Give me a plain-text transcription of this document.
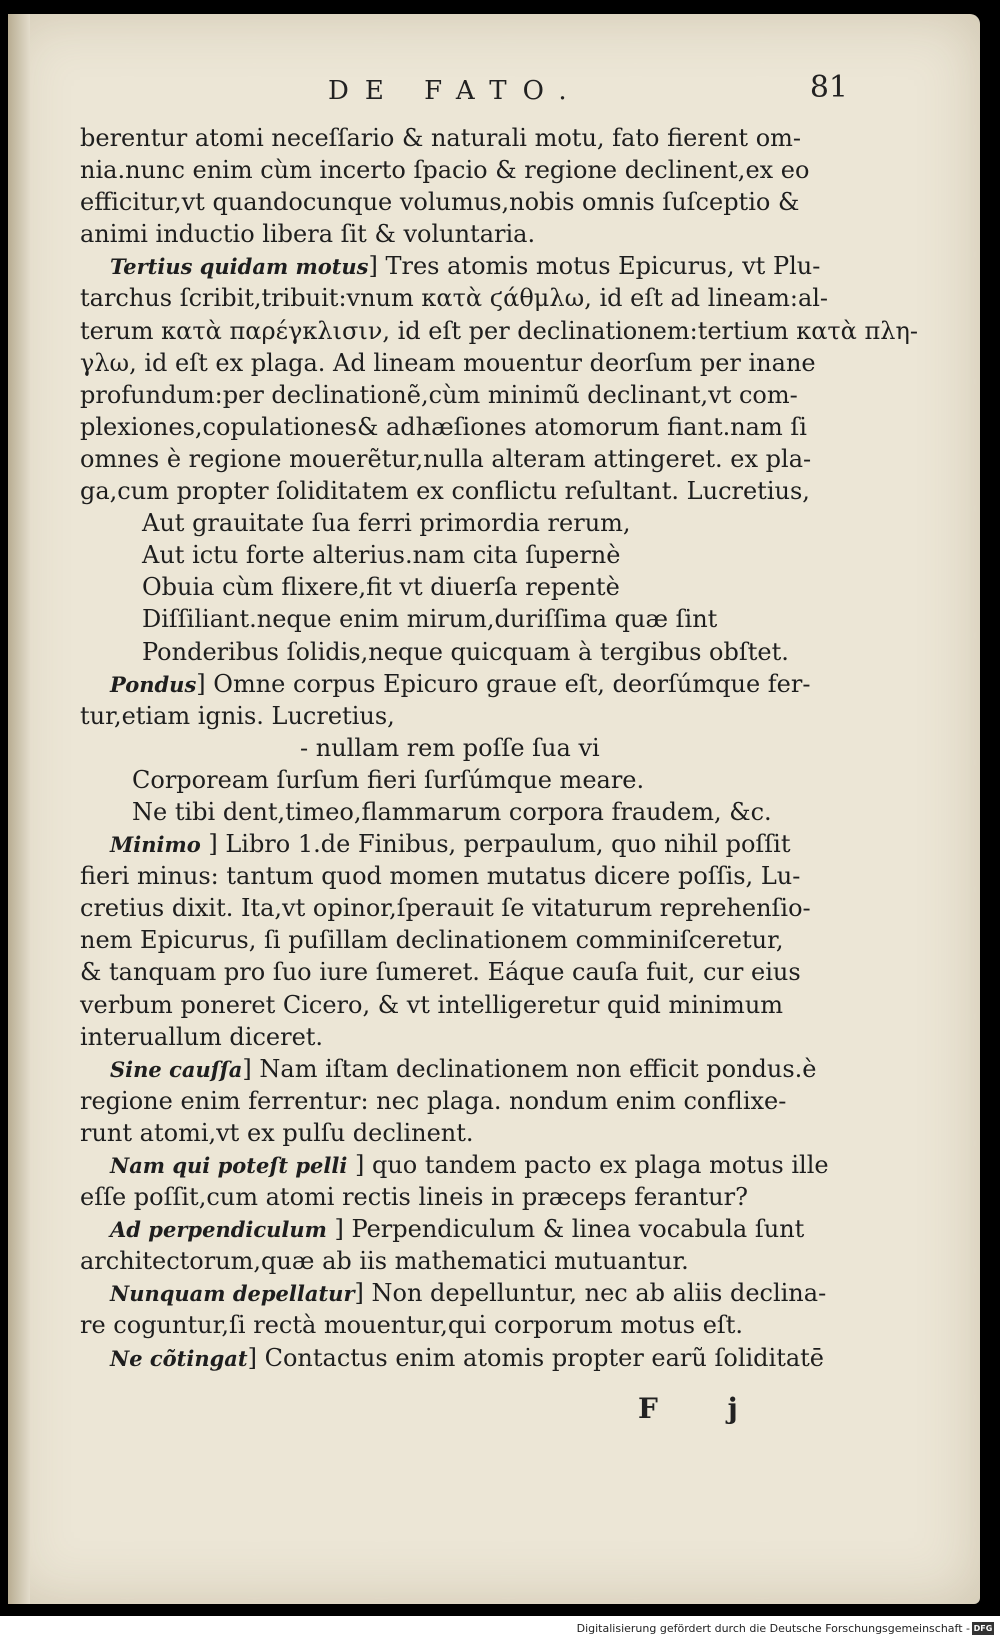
DE FATO.	81
berentur atomi neceſſario & naturali motu, fato fierent om-
nia.nunc enim cùm incerto ſpacio & regione declinent,ex eo
efficitur,vt quandocunque volumus,nobis omnis ſuſceptio &
animi inductio libera ſit & voluntaria.
Tertius quidam motus] Tres atomis motus Epicurus, vt Plu-
tarchus ſcribit,tribuit:vnum κατὰ ϛάθμλω, id eſt ad lineam:al-
terum κατὰ παρέγκλισιν, id eſt per declinationem:tertium κατὰ πλη-
γλω, id eſt ex plaga. Ad lineam mouentur deorſum per inane
profundum:per declinationẽ,cùm minimũ declinant,vt com-
plexiones,copulationes& adhæſiones atomorum fiant.nam ſi
omnes è regione mouerẽtur,nulla alteram attingeret. ex pla-
ga,cum propter ſoliditatem ex conflictu reſultant. Lucretius,
Aut grauitate ſua ferri primordia rerum,
Aut ictu forte alterius.nam cita ſupernè
Obuia cùm flixere,fit vt diuerſa repentè
Diſſiliant.neque enim mirum,duriſſima quæ ſint
Ponderibus ſolidis,neque quicquam à tergibus obſtet.
Pondus] Omne corpus Epicuro graue eſt, deorſúmque fer-
tur,etiam ignis. Lucretius,
- nullam rem poſſe ſua vi
Corpoream ſurſum fieri ſurſúmque meare.
Ne tibi dent,timeo,flammarum corpora fraudem, &c.
Minimo ] Libro 1.de Finibus, perpaulum, quo nihil poſſit
fieri minus: tantum quod momen mutatus dicere poſſis, Lu-
cretius dixit. Ita,vt opinor,ſperauit ſe vitaturum reprehenſio-
nem Epicurus, ſi puſillam declinationem comminiſceretur,
& tanquam pro ſuo iure ſumeret. Eáque cauſa fuit, cur eius
verbum poneret Cicero, & vt intelligeretur quid minimum
interuallum diceret.
Sine cauſſa] Nam iſtam declinationem non efficit pondus.è
regione enim ferrentur: nec plaga. nondum enim conflixe-
runt atomi,vt ex pulſu declinent.
Nam qui poteſt pelli ] quo tandem pacto ex plaga motus ille
eſſe poſſit,cum atomi rectis lineis in præceps ferantur?
Ad perpendiculum ] Perpendiculum & linea vocabula ſunt
architectorum,quæ ab iis mathematici mutuantur.
Nunquam depellatur] Non depelluntur, nec ab aliis declina-
re coguntur,ſi rectà mouentur,qui corporum motus eſt.
Ne cõtingat] Contactus enim atomis propter earũ ſoliditatē
F j
Digitalisierung gefördert durch die Deutsche Forschungsgemeinschaft - DFG
